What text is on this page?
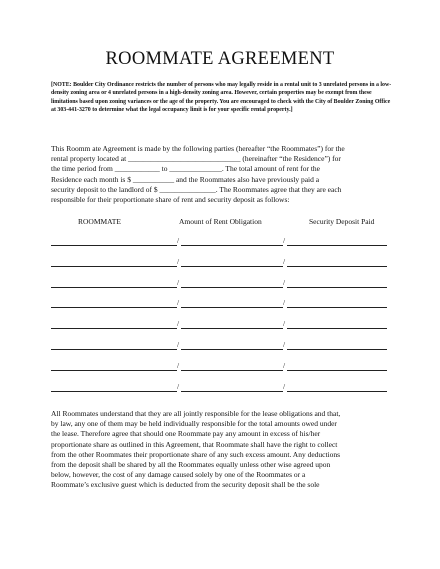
ROOMMATE AGREEMENT
[NOTE: Boulder City Ordinance restricts the number of persons who may legally reside in a rental unit to 3 unrelated persons in a low-density zoning area or 4 unrelated persons in a high-density zoning area. However, certain properties may be exempt from these limitations based upon zoning variances or the age of the property. You are encouraged to check with the City of Boulder Zoning Office at 303-441-3270 to determine what the legal occupancy limit is for your specific rental property.]
This Roomm ate Agreement is made by the following parties (hereafter “the Roommates”) for the
rental property located at ______________________________ (hereinafter “the Residence”) for
the time period from ____________ to ______________. The total amount of rent for the
Residence each month is $ ___________ and the Roommates also have previously paid a
security deposit to the landlord of $ _______________. The Roommates agree that they are each
responsible for their proportionate share of rent and security deposit as follows:
ROOMMATE	Amount of Rent Obligation	Security Deposit Paid
/	/
/	/
/	/
/	/
/	/
/	/
/	/
/	/
All Roommates understand that they are all jointly responsible for the lease obligations and that,
by law, any one of them may be held individually responsible for the total amounts owed under
the lease. Therefore agree that should one Roommate pay any amount in excess of his/her
proportionate share as outlined in this Agreement, that Roommate shall have the right to collect
from the other Roommates their proportionate share of any such excess amount. Any deductions
from the deposit shall be shared by all the Roommates equally unless other wise agreed upon
below, however, the cost of any damage caused solely by one of the Roommates or a
Roommate’s exclusive guest which is deducted from the security deposit shall be the sole
